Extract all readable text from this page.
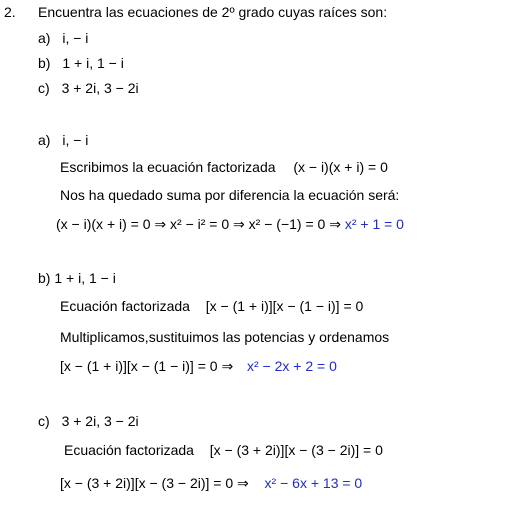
2. Encuentra las ecuaciones de 2º grado cuyas raíces son:
a) i, − i
b) 1 + i, 1 − i
c) 3 + 2i, 3 − 2i
a) i, − i
Escribimos la ecuación factorizada (x − i)(x + i) = 0
Nos ha quedado suma por diferencia la ecuación será:
(x − i)(x + i) = 0 ⇒ x² − i² = 0 ⇒ x² − (−1) = 0 ⇒ x² + 1 = 0
b) 1 + i, 1 − i
Ecuación factorizada [x − (1 + i)][x − (1 − i)] = 0
Multiplicamos,sustituimos las potencias y ordenamos
[x − (1 + i)][x − (1 − i)] = 0 ⇒ x² − 2x + 2 = 0
c) 3 + 2i, 3 − 2i
Ecuación factorizada [x − (3 + 2i)][x − (3 − 2i)] = 0
[x − (3 + 2i)][x − (3 − 2i)] = 0 ⇒ x² − 6x + 13 = 0
